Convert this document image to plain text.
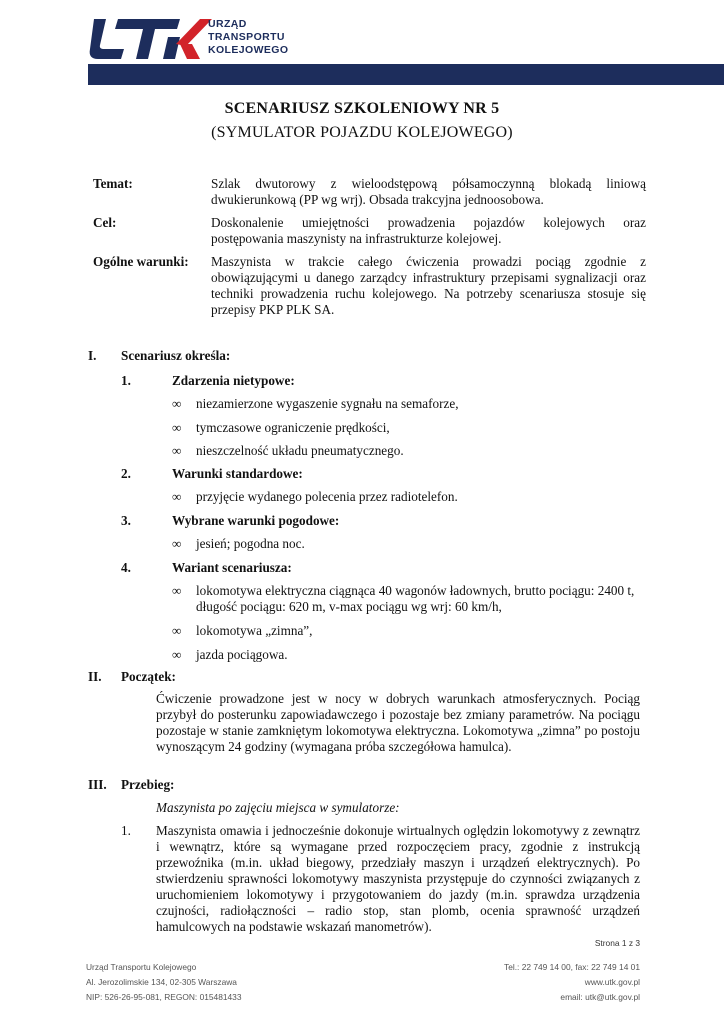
URZĄD
TRANSPORTU
KOLEJOWEGO
SCENARIUSZ SZKOLENIOWY NR 5
(SYMULATOR POJAZDU KOLEJOWEGO)
Temat:	Szlak dwutorowy z wieloodstępową półsamoczynną blokadą liniową dwukierunkową (PP wg wrj). Obsada trakcyjna jednoosobowa.
Cel:	Doskonalenie umiejętności prowadzenia pojazdów kolejowych oraz postępowania maszynisty na infrastrukturze kolejowej.
Ogólne warunki: Maszynista w trakcie całego ćwiczenia prowadzi pociąg zgodnie z obowiązującymi u danego zarządcy infrastruktury przepisami sygnalizacji oraz techniki prowadzenia ruchu kolejowego. Na potrzeby scenariusza stosuje się przepisy PKP PLK SA.
I. Scenariusz określa:
1.	Zdarzenia nietypowe:
∞ niezamierzone wygaszenie sygnału na semaforze,
∞ tymczasowe ograniczenie prędkości,
∞ nieszczelność układu pneumatycznego.
2.	Warunki standardowe:
∞ przyjęcie wydanego polecenia przez radiotelefon.
3.	Wybrane warunki pogodowe:
∞ jesień; pogodna noc.
4.	Wariant scenariusza:
∞ lokomotywa elektryczna ciągnąca 40 wagonów ładownych, brutto pociągu: 2400 t, długość pociągu: 620 m, v-max pociągu wg wrj: 60 km/h,
∞ lokomotywa „zimna”,
∞ jazda pociągowa.
II. Początek:
Ćwiczenie prowadzone jest w nocy w dobrych warunkach atmosferycznych. Pociąg przybył do posterunku zapowiadawczego i pozostaje bez zmiany parametrów. Na pociągu pozostaje w stanie zamkniętym lokomotywa elektryczna. Lokomotywa „zimna” po postoju wynoszącym 24 godziny (wymagana próba szczegółowa hamulca).
III. Przebieg:
Maszynista po zajęciu miejsca w symulatorze:
1. Maszynista omawia i jednocześnie dokonuje wirtualnych oględzin lokomotywy z zewnątrz i wewnątrz, które są wymagane przed rozpoczęciem pracy, zgodnie z instrukcją przewoźnika (m.in. układ biegowy, przedziały maszyn i urządzeń elektrycznych). Po stwierdzeniu sprawności lokomotywy maszynista przystępuje do czynności związanych z uruchomieniem lokomotywy i przygotowaniem do jazdy (m.in. sprawdza urządzenia czujności, radiołączności – radio stop, stan plomb, ocenia sprawność urządzeń hamulcowych na podstawie wskazań manometrów).
Strona 1 z 3
Urząd Transportu Kolejowego
Al. Jerozolimskie 134, 02-305 Warszawa
NIP: 526-26-95-081, REGON: 015481433
Tel.: 22 749 14 00, fax: 22 749 14 01
www.utk.gov.pl
email: utk@utk.gov.pl
